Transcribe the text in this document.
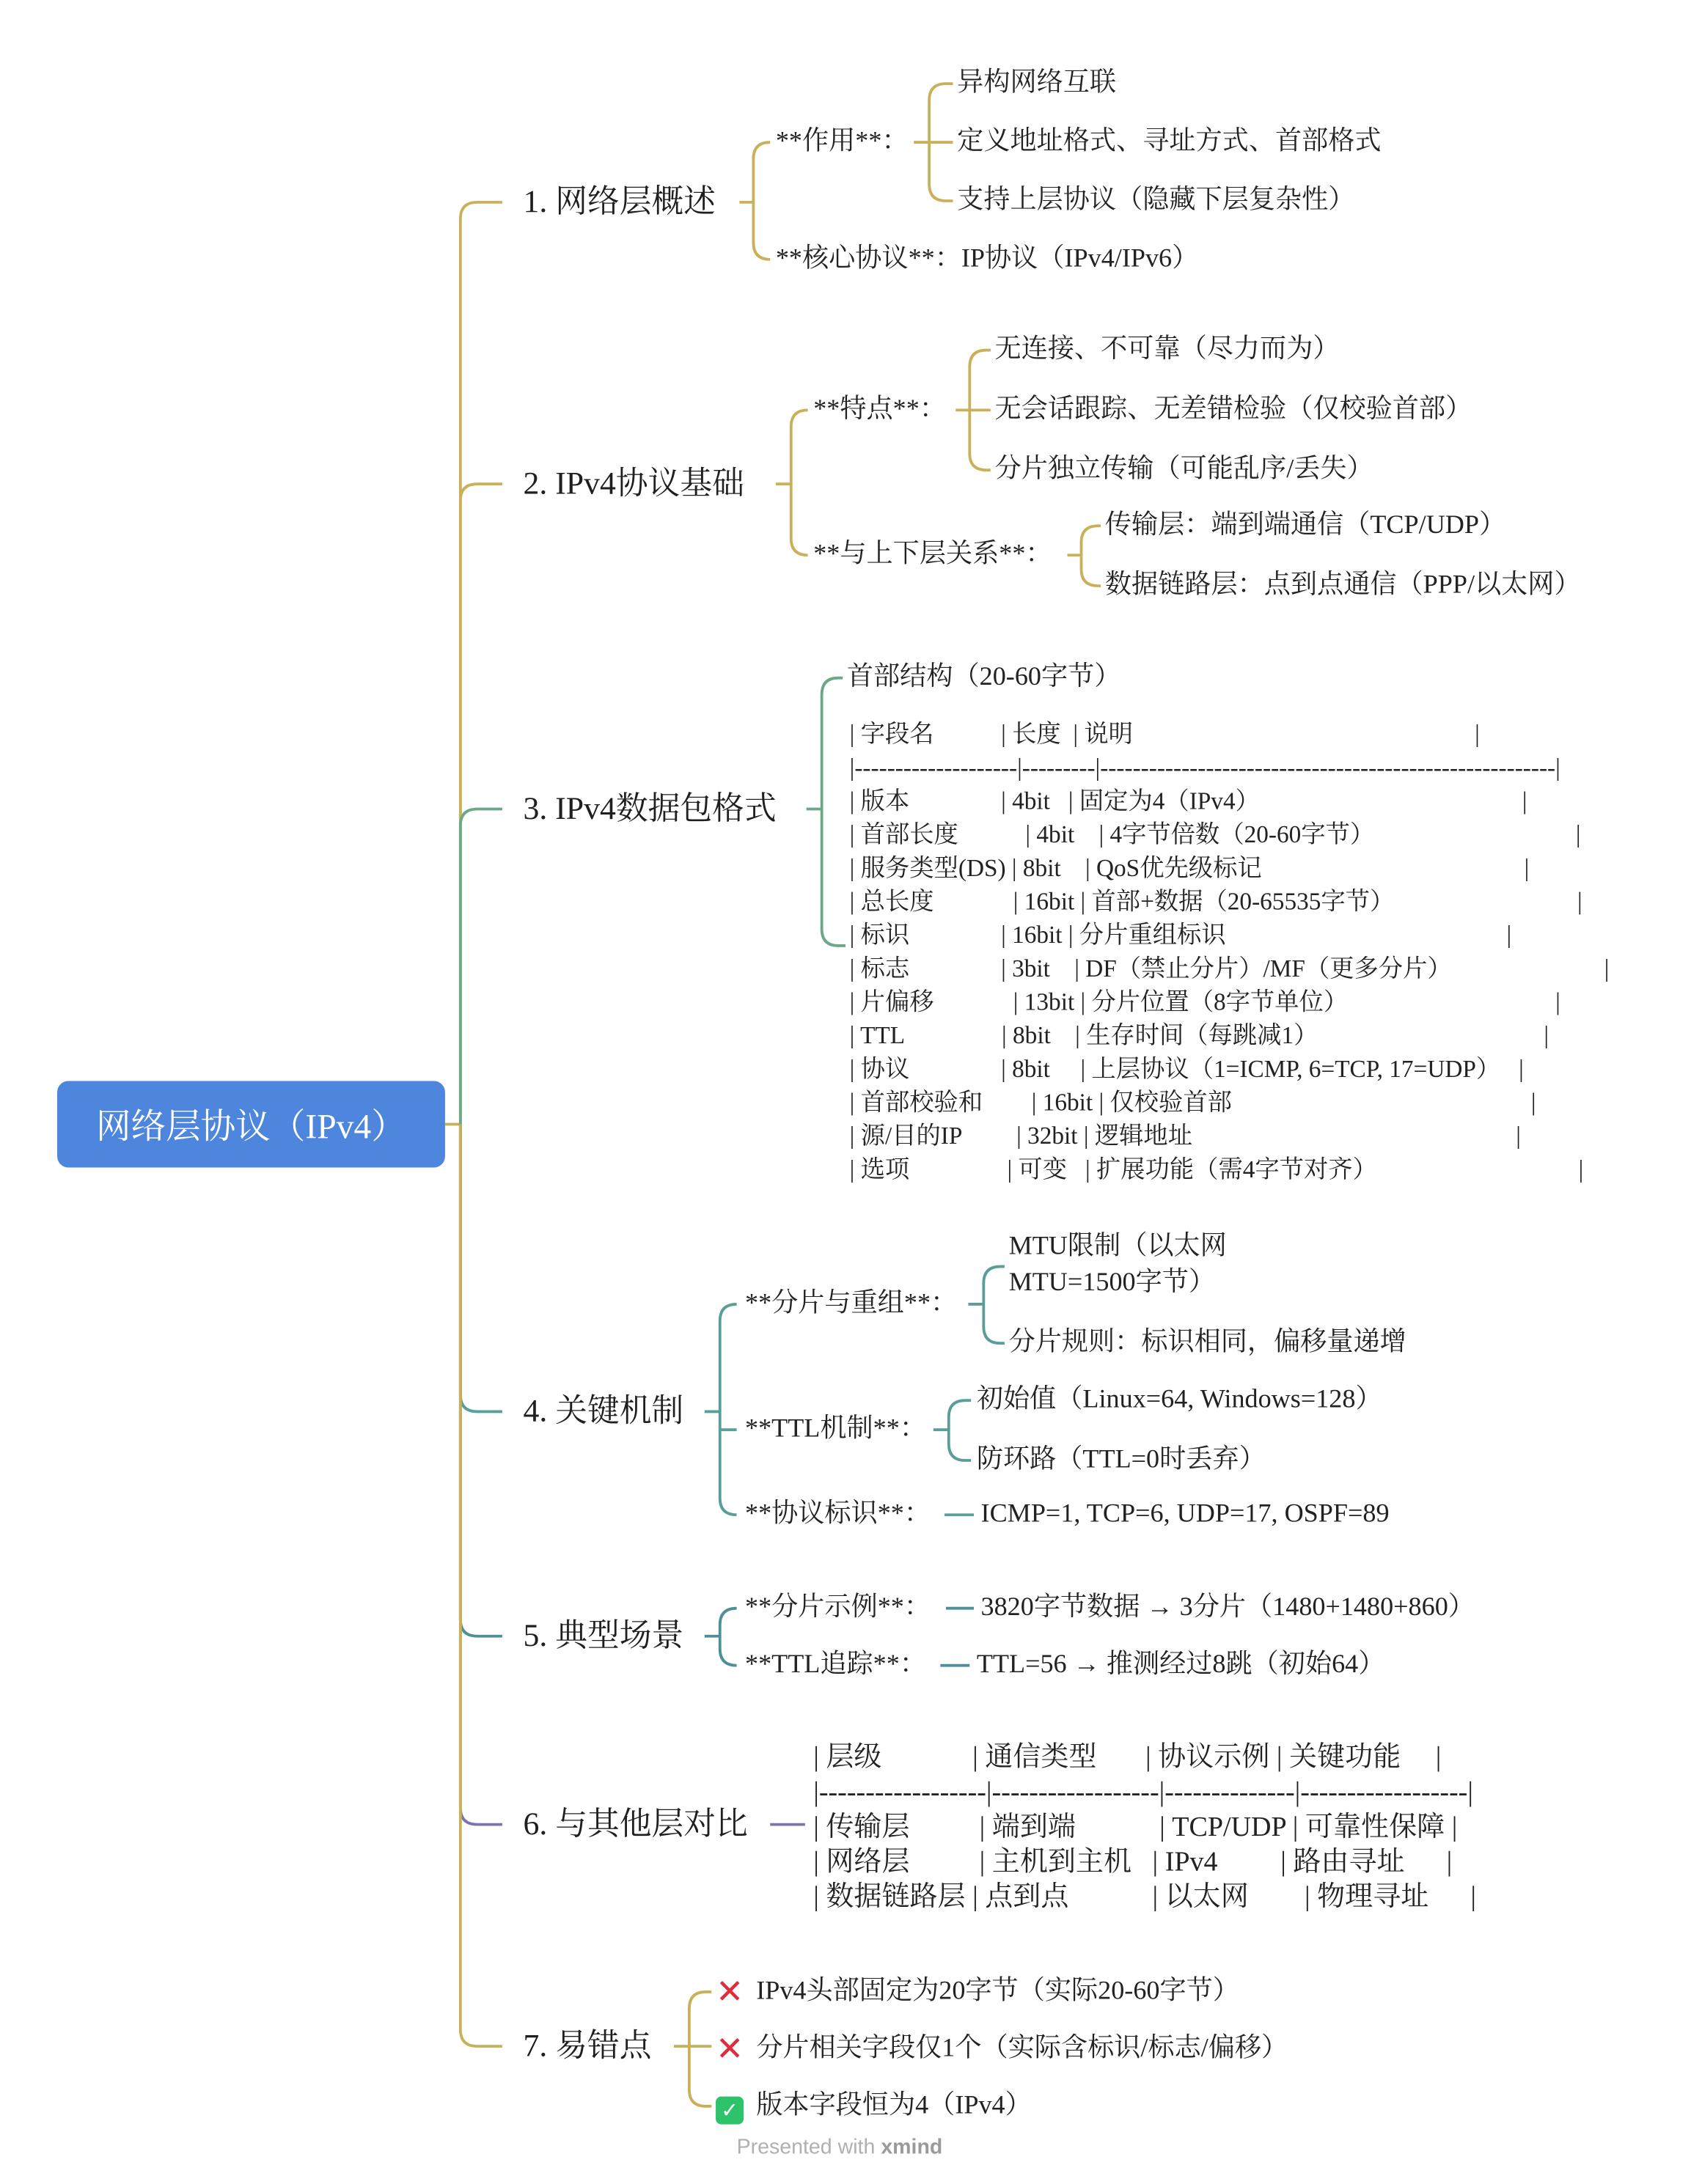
网络层协议（IPv4）
1. 网络层概述
**作用**：
异构网络互联
定义地址格式、寻址方式、首部格式
支持上层协议（隐藏下层复杂性）
**核心协议**：IP协议（IPv4/IPv6）
2. IPv4协议基础
**特点**：
无连接、不可靠（尽力而为）
无会话跟踪、无差错检验（仅校验首部）
分片独立传输（可能乱序/丢失）
**与上下层关系**：
传输层：端到端通信（TCP/UDP）
数据链路层：点到点通信（PPP/以太网）
3. IPv4数据包格式
首部结构（20-60字节）
| 字段名           | 长度  | 说明                                                        |
|--------------------|---------|--------------------------------------------------------|
| 版本               | 4bit   | 固定为4（IPv4）                                           |
| 首部长度           | 4bit    | 4字节倍数（20-60字节）                                 |
| 服务类型(DS) | 8bit    | QoS优先级标记                                           |
| 总长度             | 16bit | 首部+数据（20-65535字节）                              |
| 标识               | 16bit | 分片重组标识                                              |
| 标志               | 3bit    | DF（禁止分片）/MF（更多分片）                         |
| 片偏移             | 13bit | 分片位置（8字节单位）                                  |
| TTL                | 8bit    | 生存时间（每跳减1）                                     |
| 协议               | 8bit     | 上层协议（1=ICMP, 6=TCP, 17=UDP）   |
| 首部校验和        | 16bit | 仅校验首部                                                 |
| 源/目的IP         | 32bit | 逻辑地址                                                     |
| 选项                | 可变   | 扩展功能（需4字节对齐）                                 |
4. 关键机制
**分片与重组**：
MTU限制（以太网
MTU=1500字节）
分片规则：标识相同，偏移量递增
**TTL机制**：
初始值（Linux=64, Windows=128）
防环路（TTL=0时丢弃）
**协议标识**：	ICMP=1, TCP=6, UDP=17, OSPF=89
5. 典型场景
**分片示例**：	3820字节数据 → 3分片（1480+1480+860）
**TTL追踪**：	TTL=56 → 推测经过8跳（初始64）
6. 与其他层对比
| 层级             | 通信类型       | 协议示例 | 关键功能     |
|------------------|------------------|--------------|------------------|
| 传输层          | 端到端            | TCP/UDP | 可靠性保障 |
| 网络层          | 主机到主机   | IPv4         | 路由寻址      |
| 数据链路层 | 点到点            | 以太网        | 物理寻址      |
7. 易错点
✕ IPv4头部固定为20字节（实际20-60字节）
✕ 分片相关字段仅1个（实际含标识/标志/偏移）
✓ 版本字段恒为4（IPv4）
Presented with xmind
